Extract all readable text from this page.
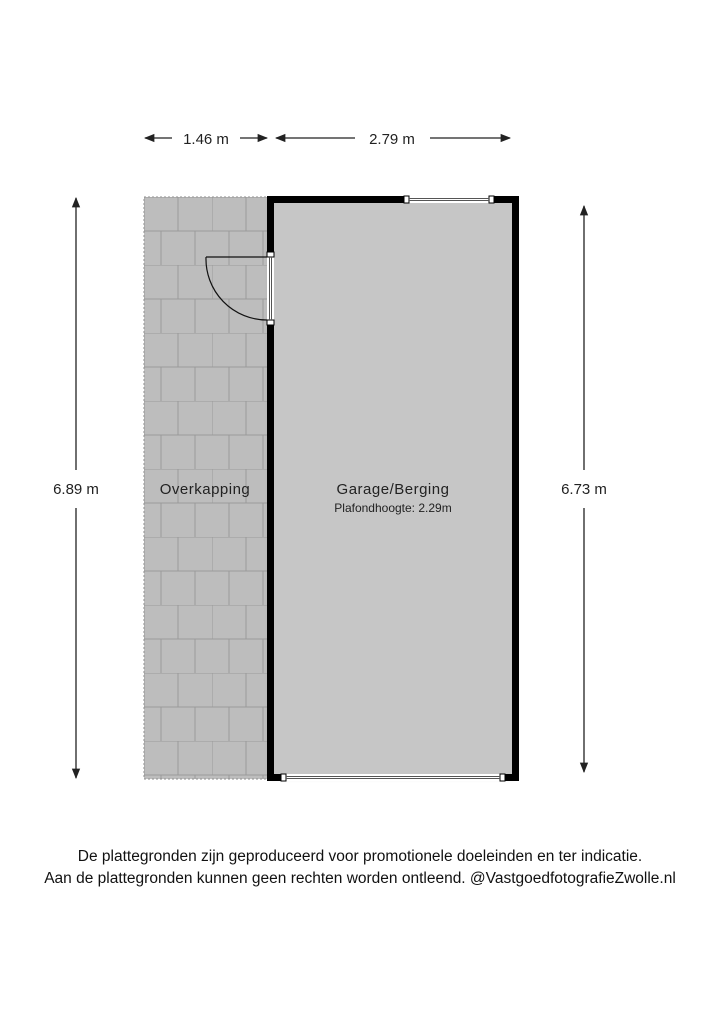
1.46 m	2.79 m
6.89 m	6.73 m
Overkapping	Garage/Berging
Plafondhoogte: 2.29m
De plattegronden zijn geproduceerd voor promotionele doeleinden en ter indicatie.
Aan de plattegronden kunnen geen rechten worden ontleend. @VastgoedfotografieZwolle.nl
